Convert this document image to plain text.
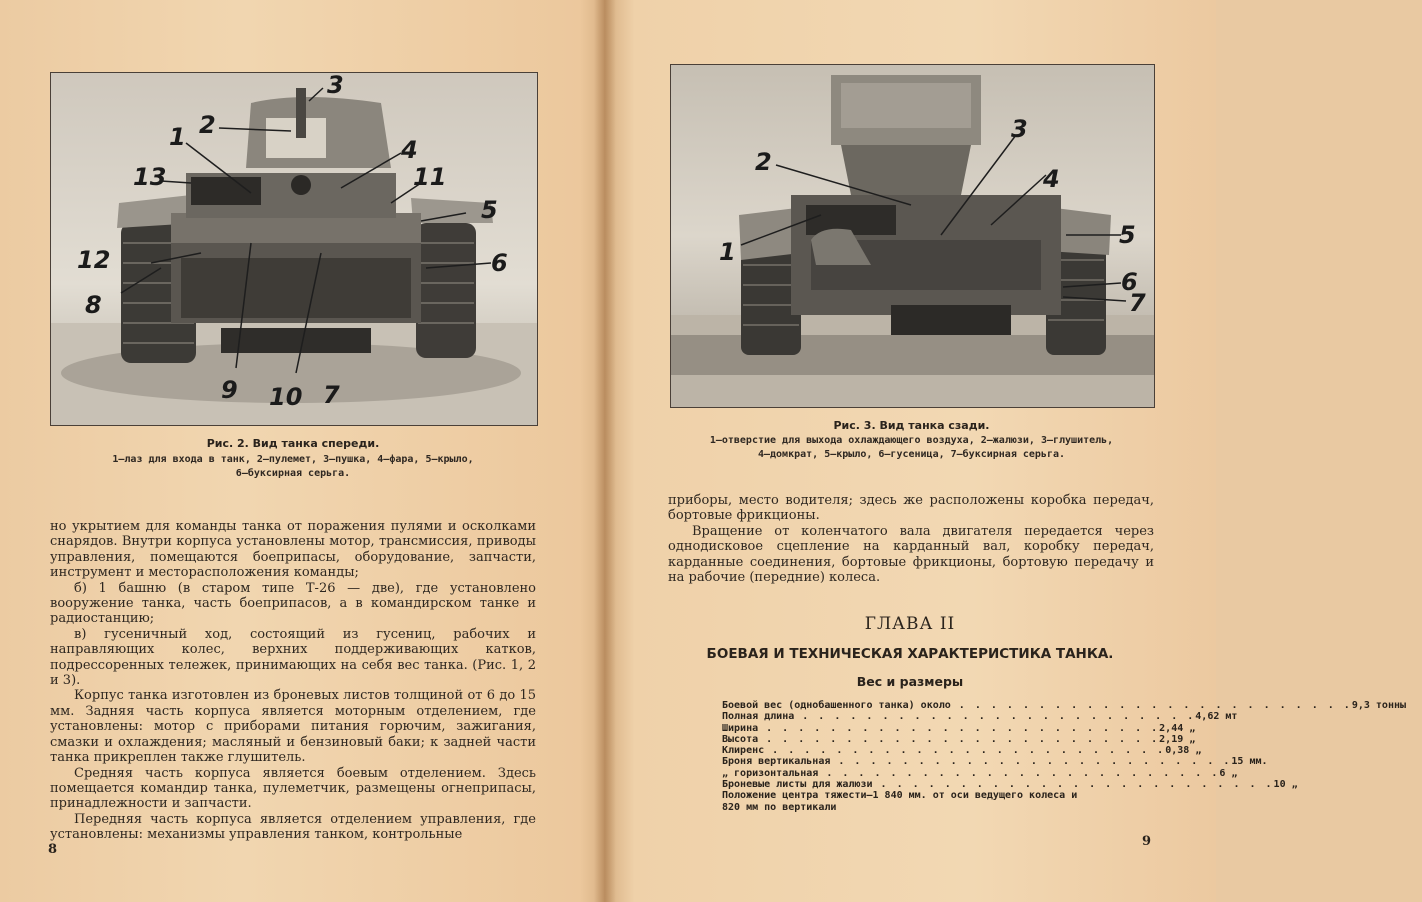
3
2
1	4
13	11
5
6
12
8
9 10 7
Рис. 2. Вид танка спереди.
1—лаз для входа в танк, 2—пулемет, 3—пушка, 4—фара, 5—крыло,
6—буксирная серьга.

но укрытием для команды танка от поражения пулями и осколками снарядов. Внутри корпуса установлены мотор, трансмиссия, приводы управления, помещаются боеприпасы, оборудование, запчасти, инструмент и месторасположения команды;

б) 1 башню (в старом типе Т-26 — две), где установлено вооружение танка, часть боеприпасов, а в командирском танке и радиостанцию;

в) гусеничный ход, состоящий из гусениц, рабочих и направляющих колес, верхних поддерживающих катков, подрессоренных тележек, принимающих на себя вес танка. (Рис. 1, 2 и 3).

Корпус танка изготовлен из броневых листов толщиной от 6 до 15 мм. Задняя часть корпуса является моторным отделением, где установлены: мотор с приборами питания горючим, зажигания, смазки и охлаждения; масляный и бензиновый баки; к задней части танка прикреплен также глушитель.

Средняя часть корпуса является боевым отделением. Здесь помещается командир танка, пулеметчик, размещены огнеприпасы, принадлежности и запчасти.

Передняя часть корпуса является отделением управления, где установлены: механизмы управления танком, контрольные

8
1
2
3
4
5
6
7
Рис. 3. Вид танка сзади.
1—отверстие для выхода охлаждающего воздуха, 2—жалюзи, 3—глушитель,
4—домкрат, 5—крыло, 6—гусеница, 7—буксирная серьга.

приборы, место водителя; здесь же расположены коробка передач, бортовые фрикционы.

Вращение от коленчатого вала двигателя передается через однодисковое сцепление на карданный вал, коробку передач, карданные соединения, бортовые фрикционы, бортовую передачу и на рабочие (передние) колеса.

ГЛАВА II
БОЕВАЯ И ТЕХНИЧЕСКАЯ ХАРАКТЕРИСТИКА ТАНКА.
Вес и размеры
Боевой вес (однобашенного танка) около . . . . . . . . . . . . . . . . . . . . . . . . . 9,3 тонны
Полная длина . . . . . . . . . . . . . . . . . . . . . . . . . 4,62 мт
Ширина . . . . . . . . . . . . . . . . . . . . . . . . . 2,44 „
Высота . . . . . . . . . . . . . . . . . . . . . . . . . 2,19 „
Клиренс . . . . . . . . . . . . . . . . . . . . . . . . . 0,38 „
Броня вертикальная . . . . . . . . . . . . . . . . . . . . . . . . . 15 мм.
„ горизонтальная . . . . . . . . . . . . . . . . . . . . . . . . . 6 „
Броневые листы для жалюзи . . . . . . . . . . . . . . . . . . . . . . . . . 10 „
Положение центра тяжести—1 840 мм. от оси ведущего колеса и 820 мм по вертикали
9
